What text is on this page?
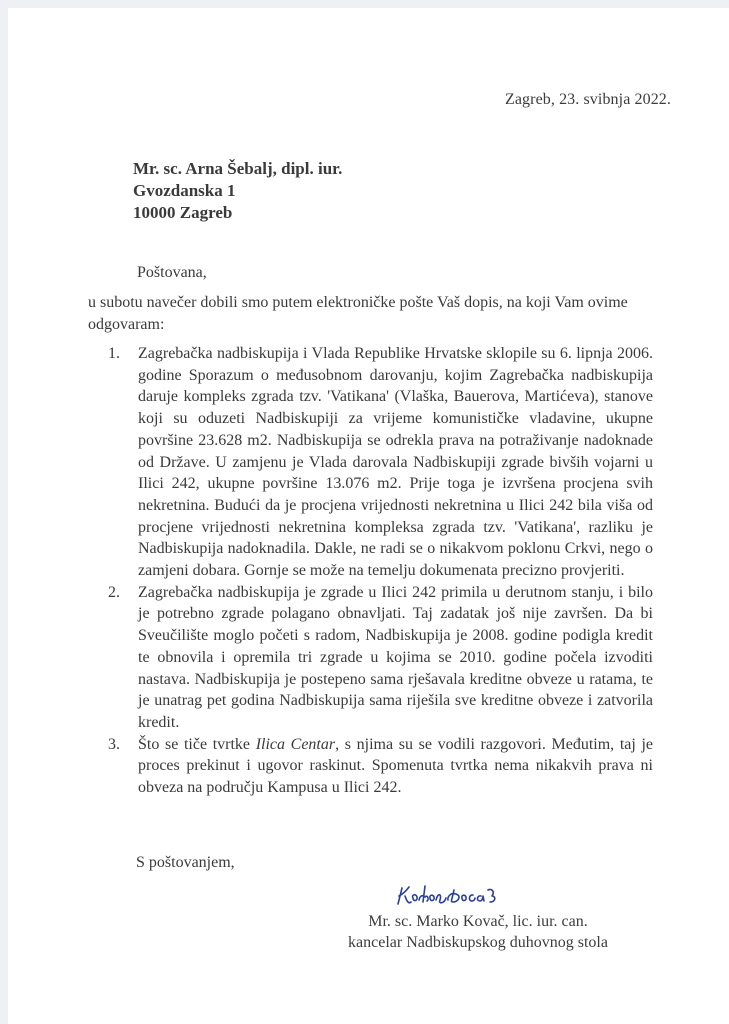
Zagreb, 23. svibnja 2022.
Mr. sc. Arna Šebalj, dipl. iur.
Gvozdanska 1
10000 Zagreb
Poštovana,
u subotu navečer dobili smo putem elektroničke pošte Vaš dopis, na koji Vam ovime odgovaram:
1. Zagrebačka nadbiskupija i Vlada Republike Hrvatske sklopile su 6. lipnja 2006. godine Sporazum o međusobnom darovanju, kojim Zagrebačka nadbiskupija daruje kompleks zgrada tzv. 'Vatikana' (Vlaška, Bauerova, Martićeva), stanove koji su oduzeti Nadbiskupiji za vrijeme komunističke vladavine, ukupne površine 23.628 m2. Nadbiskupija se odrekla prava na potraživanje nadoknade od Države. U zamjenu je Vlada darovala Nadbiskupiji zgrade bivših vojarni u Ilici 242, ukupne površine 13.076 m2. Prije toga je izvršena procjena svih nekretnina. Budući da je procjena vrijednosti nekretnina u Ilici 242 bila viša od procjene vrijednosti nekretnina kompleksa zgrada tzv. 'Vatikana', razliku je Nadbiskupija nadoknadila. Dakle, ne radi se o nikakvom poklonu Crkvi, nego o zamjeni dobara. Gornje se može na temelju dokumenata precizno provjeriti.
2. Zagrebačka nadbiskupija je zgrade u Ilici 242 primila u derutnom stanju, i bilo je potrebno zgrade polagano obnavljati. Taj zadatak još nije završen. Da bi Sveučilište moglo početi s radom, Nadbiskupija je 2008. godine podigla kredit te obnovila i opremila tri zgrade u kojima se 2010. godine počela izvoditi nastava. Nadbiskupija je postepeno sama rješavala kreditne obveze u ratama, te je unatrag pet godina Nadbiskupija sama riješila sve kreditne obveze i zatvorila kredit.
3. Što se tiče tvrtke Ilica Centar, s njima su se vodili razgovori. Međutim, taj je proces prekinut i ugovor raskinut. Spomenuta tvrtka nema nikakvih prava ni obveza na području Kampusa u Ilici 242.
S poštovanjem,
Mr. sc. Marko Kovač, lic. iur. can.
kancelar Nadbiskupskog duhovnog stola
